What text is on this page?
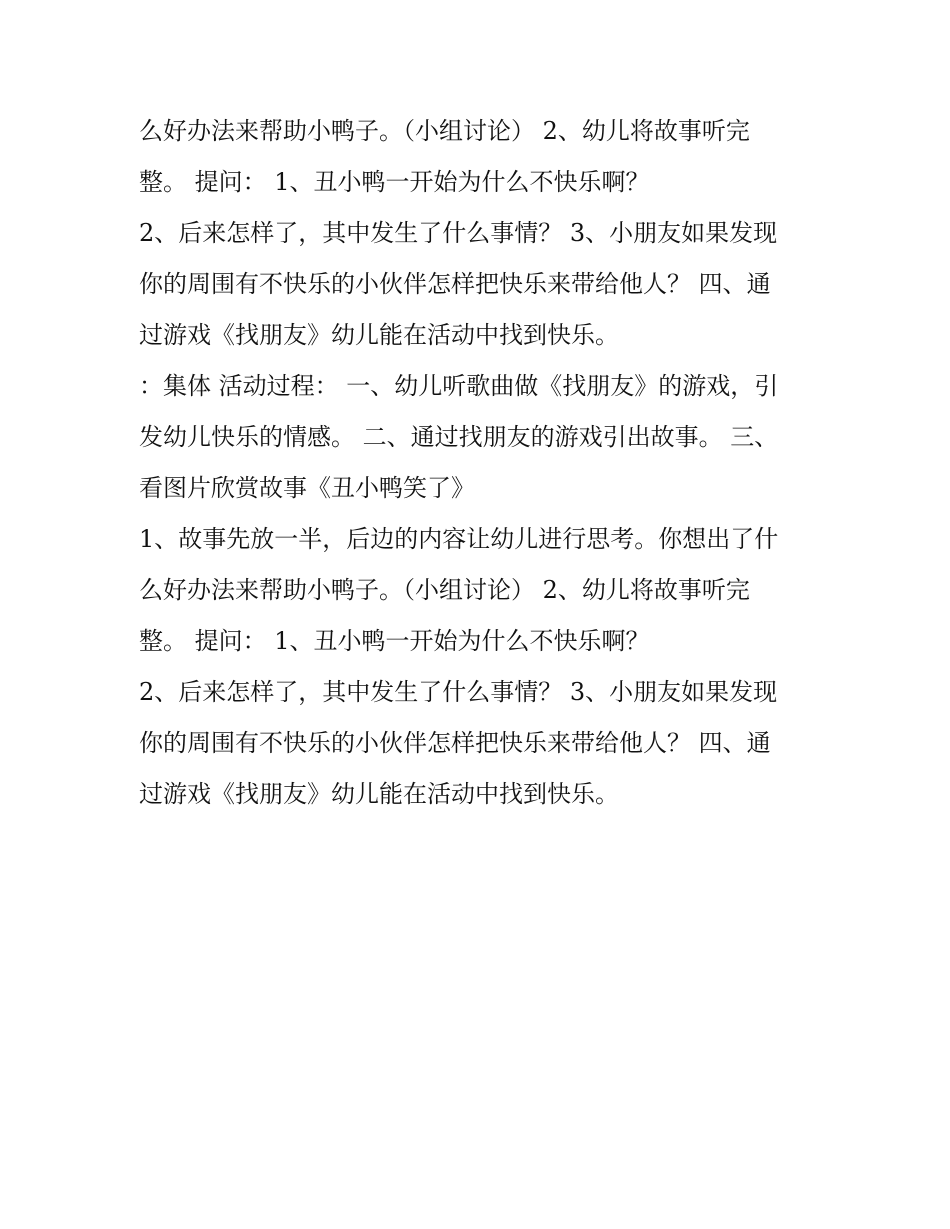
么好办法来帮助小鸭子。（小组讨论） 2、幼儿将故事听完
整。 提问： 1、丑小鸭一开始为什么不快乐啊？
2、后来怎样了，其中发生了什么事情？ 3、小朋友如果发现
你的周围有不快乐的小伙伴怎样把快乐来带给他人？ 四、通
过游戏《找朋友》幼儿能在活动中找到快乐。
：集体 活动过程： 一、幼儿听歌曲做《找朋友》的游戏，引
发幼儿快乐的情感。 二、通过找朋友的游戏引出故事。 三、
看图片欣赏故事《丑小鸭笑了》
1、故事先放一半，后边的内容让幼儿进行思考。你想出了什
么好办法来帮助小鸭子。（小组讨论） 2、幼儿将故事听完
整。 提问： 1、丑小鸭一开始为什么不快乐啊？
2、后来怎样了，其中发生了什么事情？ 3、小朋友如果发现
你的周围有不快乐的小伙伴怎样把快乐来带给他人？ 四、通
过游戏《找朋友》幼儿能在活动中找到快乐。
